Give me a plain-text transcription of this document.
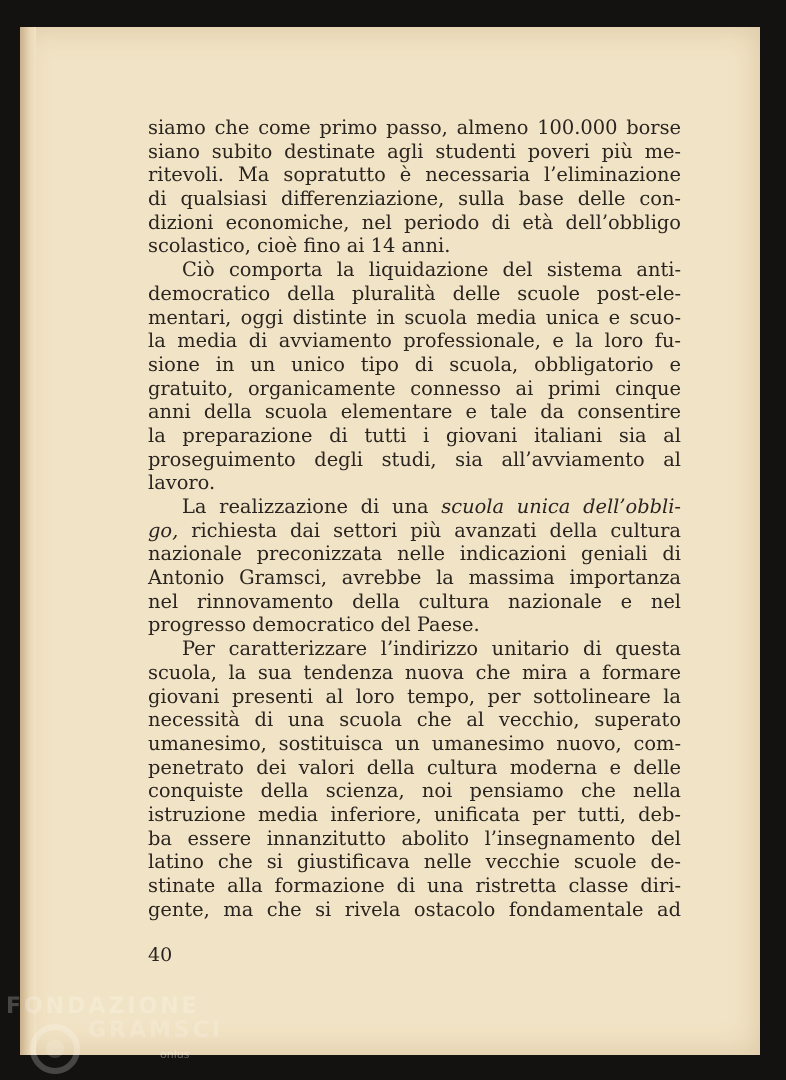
siamo che come primo passo, almeno 100.000 borse
siano subito destinate agli studenti poveri più me-
ritevoli. Ma sopratutto è necessaria l’eliminazione
di qualsiasi differenziazione, sulla base delle con-
dizioni economiche, nel periodo di età dell’obbligo
scolastico, cioè fino ai 14 anni.
Ciò comporta la liquidazione del sistema anti-
democratico della pluralità delle scuole post-ele-
mentari, oggi distinte in scuola media unica e scuo-
la media di avviamento professionale, e la loro fu-
sione in un unico tipo di scuola, obbligatorio e
gratuito, organicamente connesso ai primi cinque
anni della scuola elementare e tale da consentire
la preparazione di tutti i giovani italiani sia al
proseguimento degli studi, sia all’avviamento al
lavoro.
La realizzazione di una scuola unica dell’obbli-
go, richiesta dai settori più avanzati della cultura
nazionale preconizzata nelle indicazioni geniali di
Antonio Gramsci, avrebbe la massima importanza
nel rinnovamento della cultura nazionale e nel
progresso democratico del Paese.
Per caratterizzare l’indirizzo unitario di questa
scuola, la sua tendenza nuova che mira a formare
giovani presenti al loro tempo, per sottolineare la
necessità di una scuola che al vecchio, superato
umanesimo, sostituisca un umanesimo nuovo, com-
penetrato dei valori della cultura moderna e delle
conquiste della scienza, noi pensiamo che nella
istruzione media inferiore, unificata per tutti, deb-
ba essere innanzitutto abolito l’insegnamento del
latino che si giustificava nelle vecchie scuole de-
stinate alla formazione di una ristretta classe diri-
gente, ma che si rivela ostacolo fondamentale ad
40
FONDAZIONE
GRAMSCI
onlus
